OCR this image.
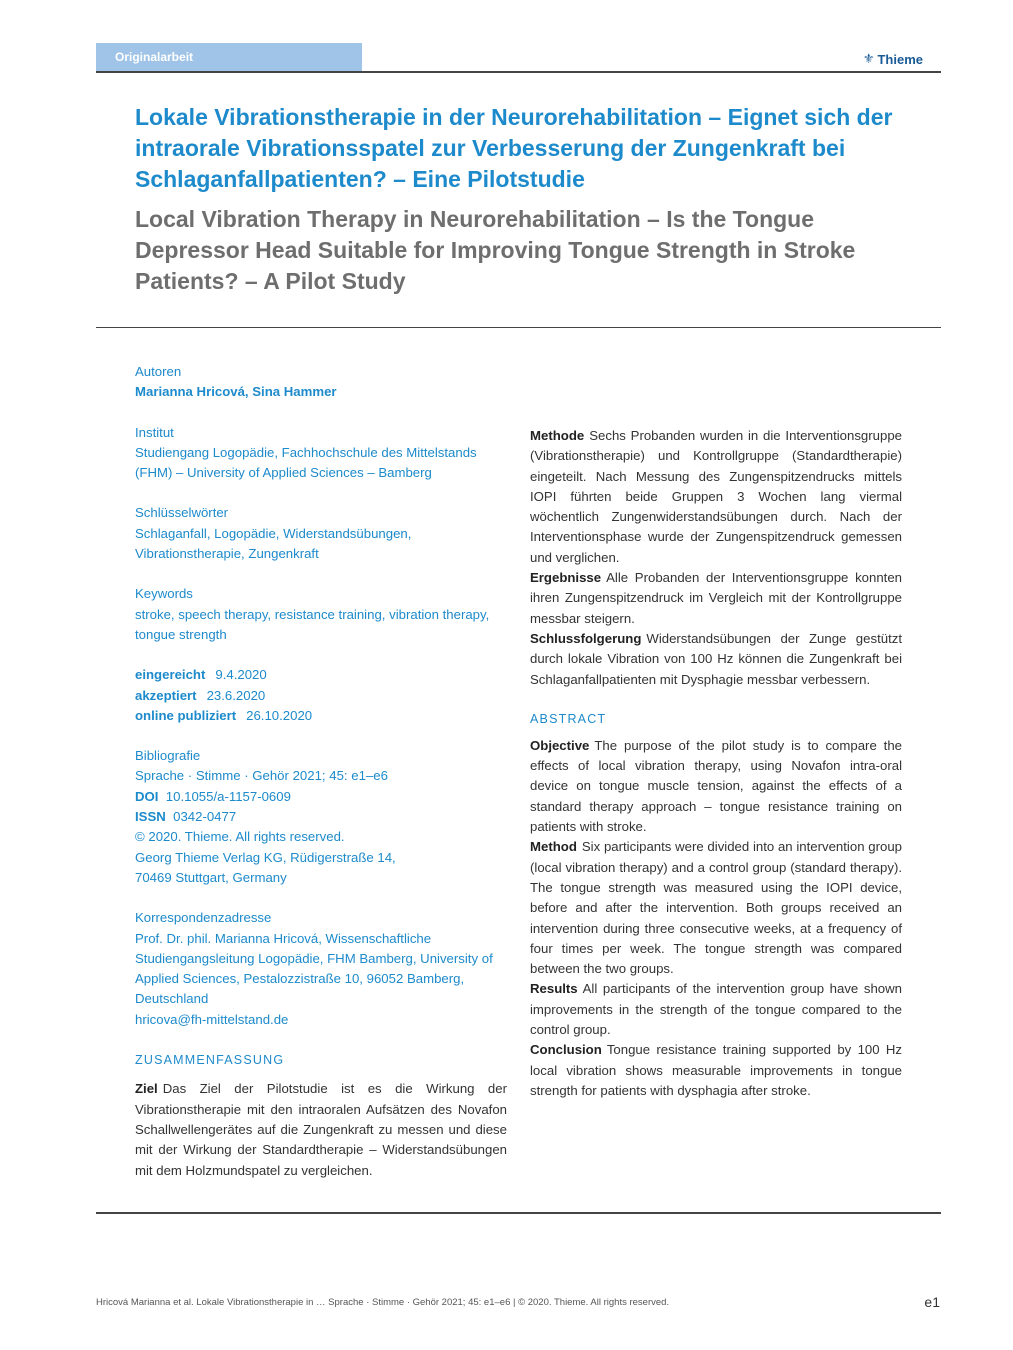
Originalarbeit	⚜ Thieme
Lokale Vibrationstherapie in der Neurorehabilitation – Eignet sich der intraorale Vibrationsspatel zur Verbesserung der Zungenkraft bei Schlaganfallpatienten? – Eine Pilotstudie
Local Vibration Therapy in Neurorehabilitation – Is the Tongue Depressor Head Suitable for Improving Tongue Strength in Stroke Patients? – A Pilot Study
Autoren
Marianna Hricová, Sina Hammer
Institut
Studiengang Logopädie, Fachhochschule des Mittelstands (FHM) – University of Applied Sciences – Bamberg
Schlüsselwörter
Schlaganfall, Logopädie, Widerstandsübungen, Vibrationstherapie, Zungenkraft
Keywords
stroke, speech therapy, resistance training, vibration therapy, tongue strength
eingereicht 9.4.2020
akzeptiert 23.6.2020
online publiziert 26.10.2020
Bibliografie
Sprache · Stimme · Gehör 2021; 45: e1–e6
DOI 10.1055/a-1157-0609
ISSN 0342-0477
© 2020. Thieme. All rights reserved.
Georg Thieme Verlag KG, Rüdigerstraße 14, 70469 Stuttgart, Germany
Korrespondenzadresse
Prof. Dr. phil. Marianna Hricová, Wissenschaftliche Studiengangsleitung Logopädie, FHM Bamberg, University of Applied Sciences, Pestalozzistraße 10, 96052 Bamberg, Deutschland
hricova@fh-mittelstand.de
ZUSAMMENFASSUNG

Ziel Das Ziel der Pilotstudie ist es die Wirkung der Vibrationstherapie mit den intraoralen Aufsätzen des Novafon Schallwellengerätes auf die Zungenkraft zu messen und diese mit der Wirkung der Standardtherapie – Widerstandsübungen mit dem Holzmundspatel zu vergleichen.

Methode Sechs Probanden wurden in die Interventionsgruppe (Vibrationstherapie) und Kontrollgruppe (Standardtherapie) eingeteilt. Nach Messung des Zungenspitzendrucks mittels IOPI führten beide Gruppen 3 Wochen lang viermal wöchentlich Zungenwiderstandsübungen durch. Nach der Interventionsphase wurde der Zungenspitzendruck gemessen und verglichen.

Ergebnisse Alle Probanden der Interventionsgruppe konnten ihren Zungenspitzendruck im Vergleich mit der Kontrollgruppe messbar steigern.

Schlussfolgerung Widerstandsübungen der Zunge gestützt durch lokale Vibration von 100 Hz können die Zungenkraft bei Schlaganfallpatienten mit Dysphagie messbar verbessern.

ABSTRACT

Objective The purpose of the pilot study is to compare the effects of local vibration therapy, using Novafon intra-oral device on tongue muscle tension, against the effects of a standard therapy approach – tongue resistance training on patients with stroke.

Method Six participants were divided into an intervention group (local vibration therapy) and a control group (standard therapy). The tongue strength was measured using the IOPI device, before and after the intervention. Both groups received an intervention during three consecutive weeks, at a frequency of four times per week. The tongue strength was compared between the two groups.

Results All participants of the intervention group have shown improvements in the strength of the tongue compared to the control group.

Conclusion Tongue resistance training supported by 100 Hz local vibration shows measurable improvements in tongue strength for patients with dysphagia after stroke.

Hricová Marianna et al. Lokale Vibrationstherapie in … Sprache · Stimme · Gehör 2021; 45: e1–e6 | © 2020. Thieme. All rights reserved.	e1
